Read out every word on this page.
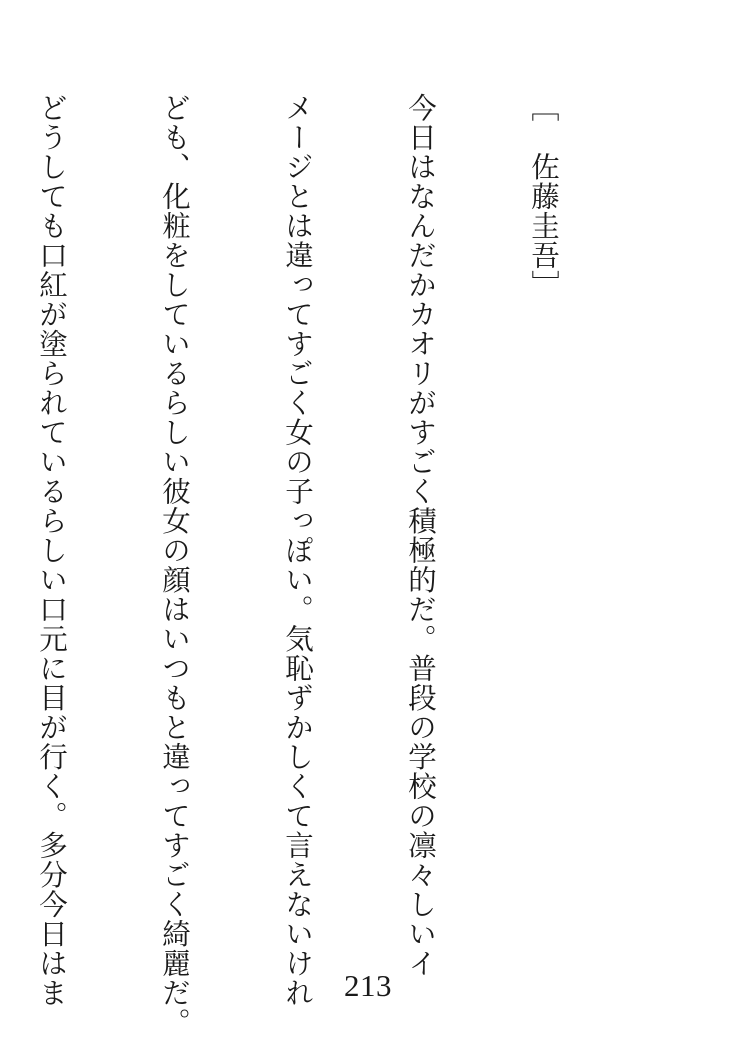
［　佐藤圭吾］

今日はなんだかカオリがすごく積極的だ。普段の学校の凛々しいイ

メージとは違ってすごく女の子っぽい。気恥ずかしくて言えないけれ

ども、化粧をしているらしい彼女の顔はいつもと違ってすごく綺麗だ。

どうしても口紅が塗られているらしい口元に目が行く。多分今日はま

	213
